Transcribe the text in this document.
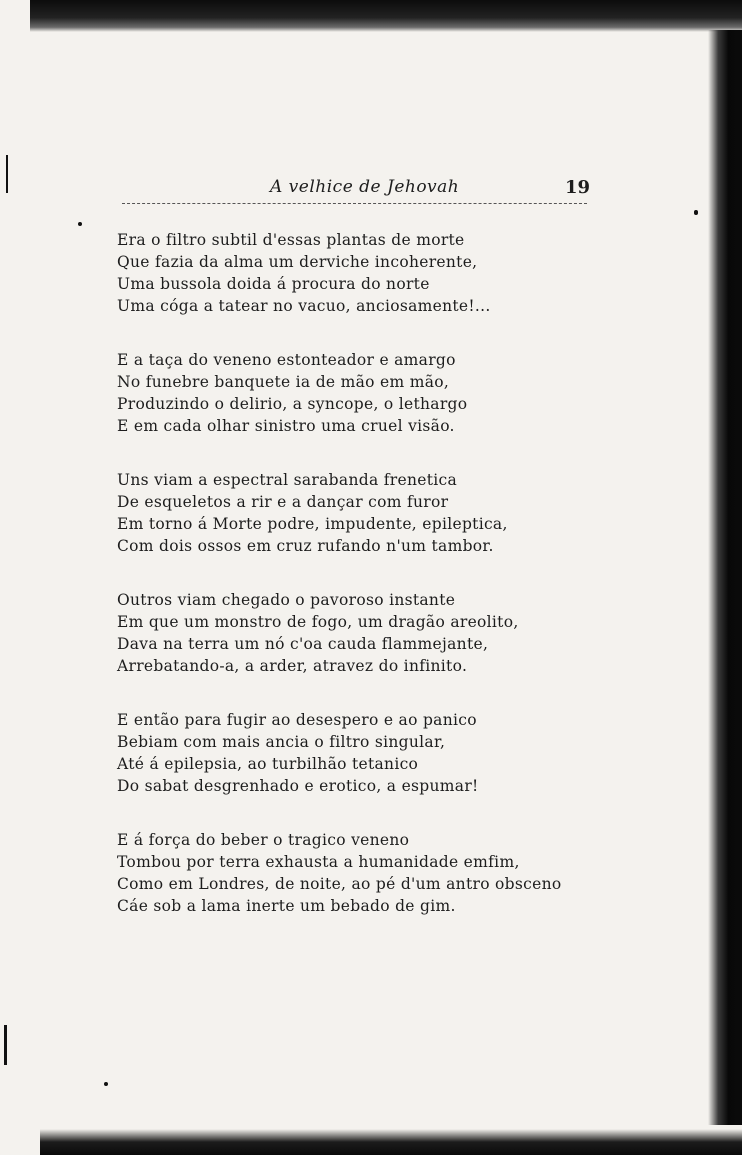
A velhice de Jehovah	19
Era o filtro subtil d'essas plantas de morte
Que fazia da alma um derviche incoherente,
Uma bussola doida á procura do norte
Uma cóga a tatear no vacuo, anciosamente!...
E a taça do veneno estonteador e amargo
No funebre banquete ia de mão em mão,
Produzindo o delirio, a syncope, o lethargo
E em cada olhar sinistro uma cruel visão.
Uns viam a espectral sarabanda frenetica
De esqueletos a rir e a dançar com furor
Em torno á Morte podre, impudente, epileptica,
Com dois ossos em cruz rufando n'um tambor.
Outros viam chegado o pavoroso instante
Em que um monstro de fogo, um dragão areolito,
Dava na terra um nó c'oa cauda flammejante,
Arrebatando-a, a arder, atravez do infinito.
E então para fugir ao desespero e ao panico
Bebiam com mais ancia o filtro singular,
Até á epilepsia, ao turbilhão tetanico
Do sabat desgrenhado e erotico, a espumar!
E á força do beber o tragico veneno
Tombou por terra exhausta a humanidade emfim,
Como em Londres, de noite, ao pé d'um antro obsceno
Cáe sob a lama inerte um bebado de gim.
